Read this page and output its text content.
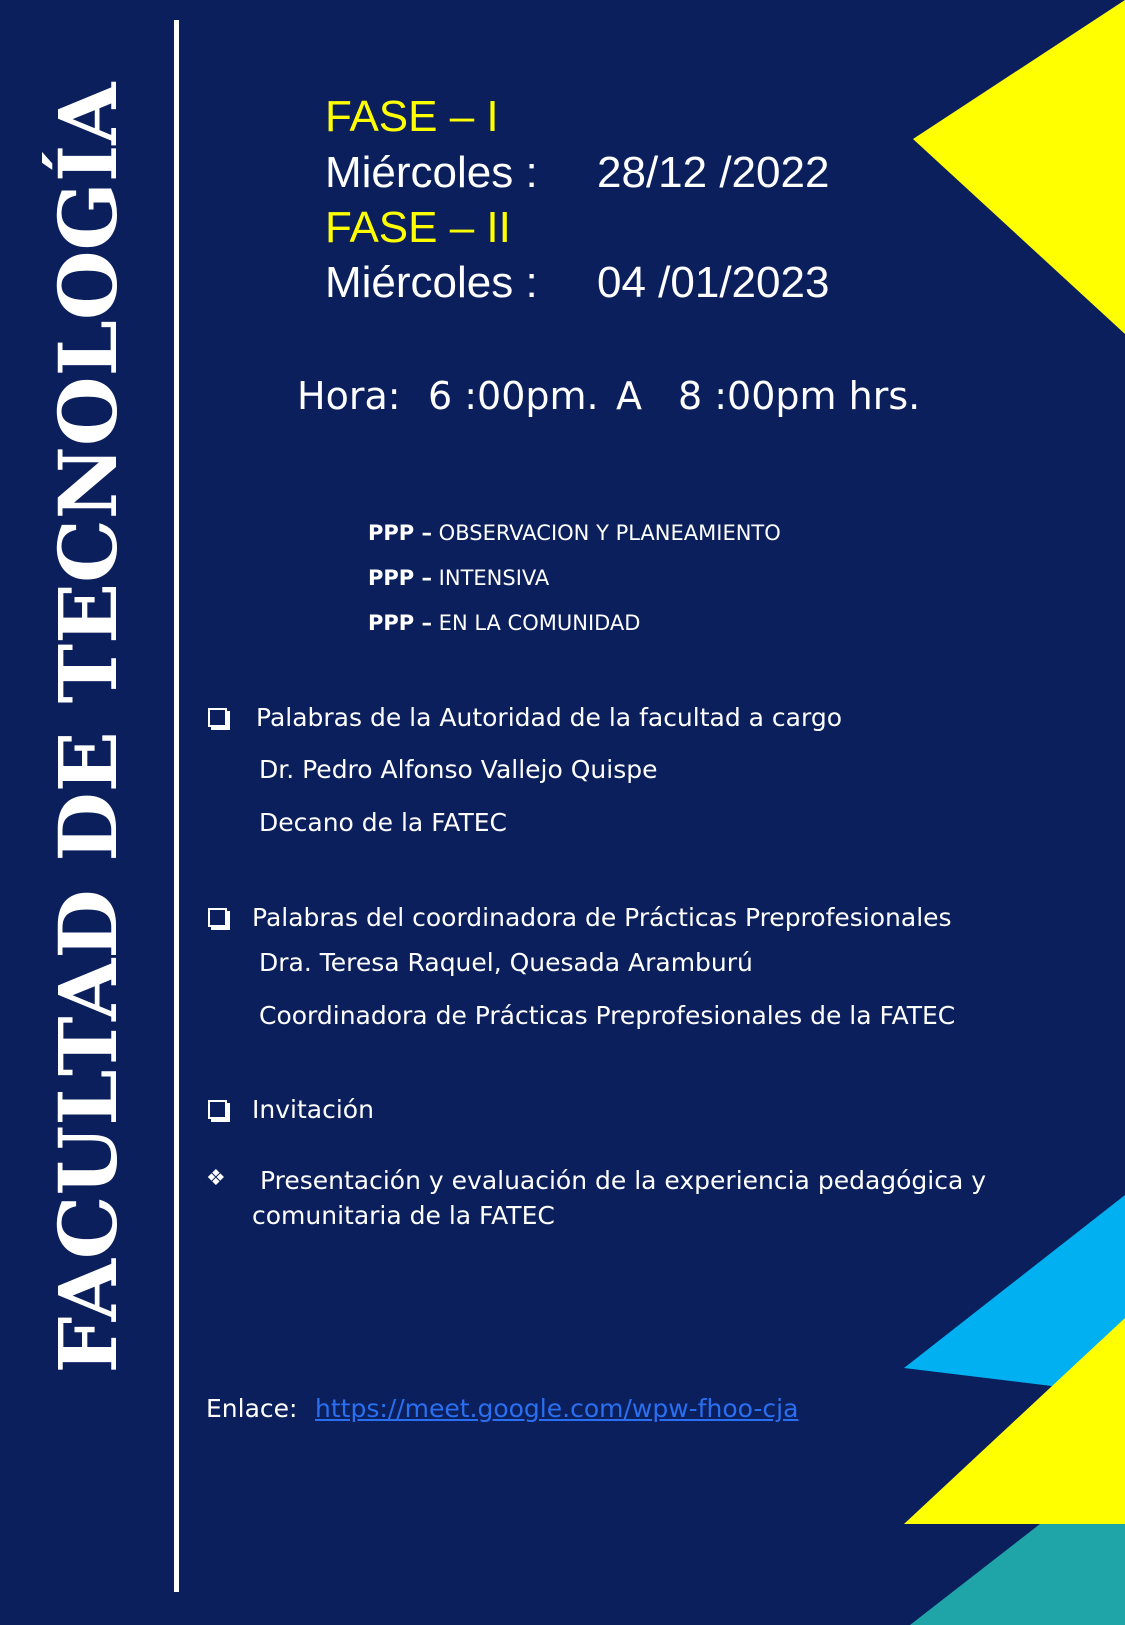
FACULTAD DE TECNOLOGÍA	FASE – I
Miércoles : 28/12 /2022
FASE – II
Miércoles : 04 /01/2023
Hora: 6 :00pm. A 8 :00pm hrs.
PPP – OBSERVACION Y PLANEAMIENTO
PPP – INTENSIVA
PPP – EN LA COMUNIDAD
Palabras de la Autoridad de la facultad a cargo
Dr. Pedro Alfonso Vallejo Quispe
Decano de la FATEC
Palabras del coordinadora de Prácticas Preprofesionales
Dra. Teresa Raquel, Quesada Aramburú
Coordinadora de Prácticas Preprofesionales de la FATEC
Invitación
❖ Presentación y evaluación de la experiencia pedagógica y
comunitaria de la FATEC
Enlace: https://meet.google.com/wpw-fhoo-cja
